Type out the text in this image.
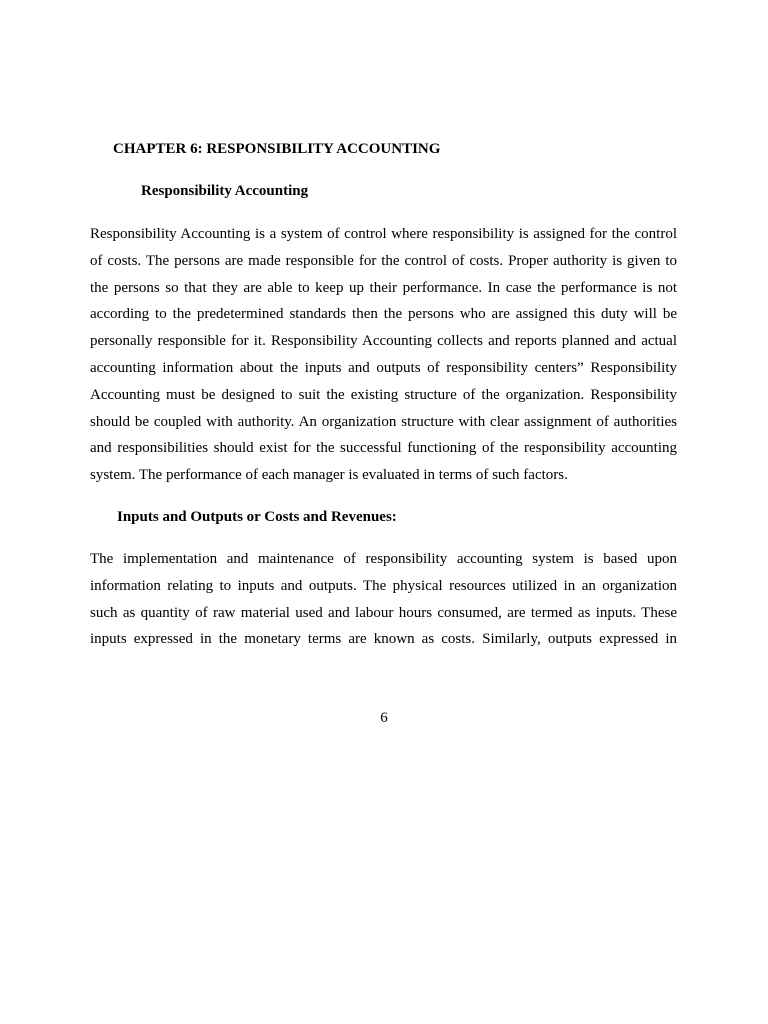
CHAPTER 6: RESPONSIBILITY ACCOUNTING
Responsibility Accounting

Responsibility Accounting is a system of control where responsibility is assigned for the control
of costs. The persons are made responsible for the control of costs. Proper authority is given to
the persons so that they are able to keep up their performance. In case the performance is not
according to the predetermined standards then the persons who are assigned this duty will be
personally responsible for it. Responsibility Accounting collects and reports planned and actual
accounting information about the inputs and outputs of responsibility centers” Responsibility
Accounting must be designed to suit the existing structure of the organization. Responsibility
should be coupled with authority. An organization structure with clear assignment of authorities
and responsibilities should exist for the successful functioning of the responsibility accounting
system. The performance of each manager is evaluated in terms of such factors.

Inputs and Outputs or Costs and Revenues:

The implementation and maintenance of responsibility accounting system is based upon
information relating to inputs and outputs. The physical resources utilized in an organization
such as quantity of raw material used and labour hours consumed, are termed as inputs. These
inputs expressed in the monetary terms are known as costs. Similarly, outputs expressed in

6
